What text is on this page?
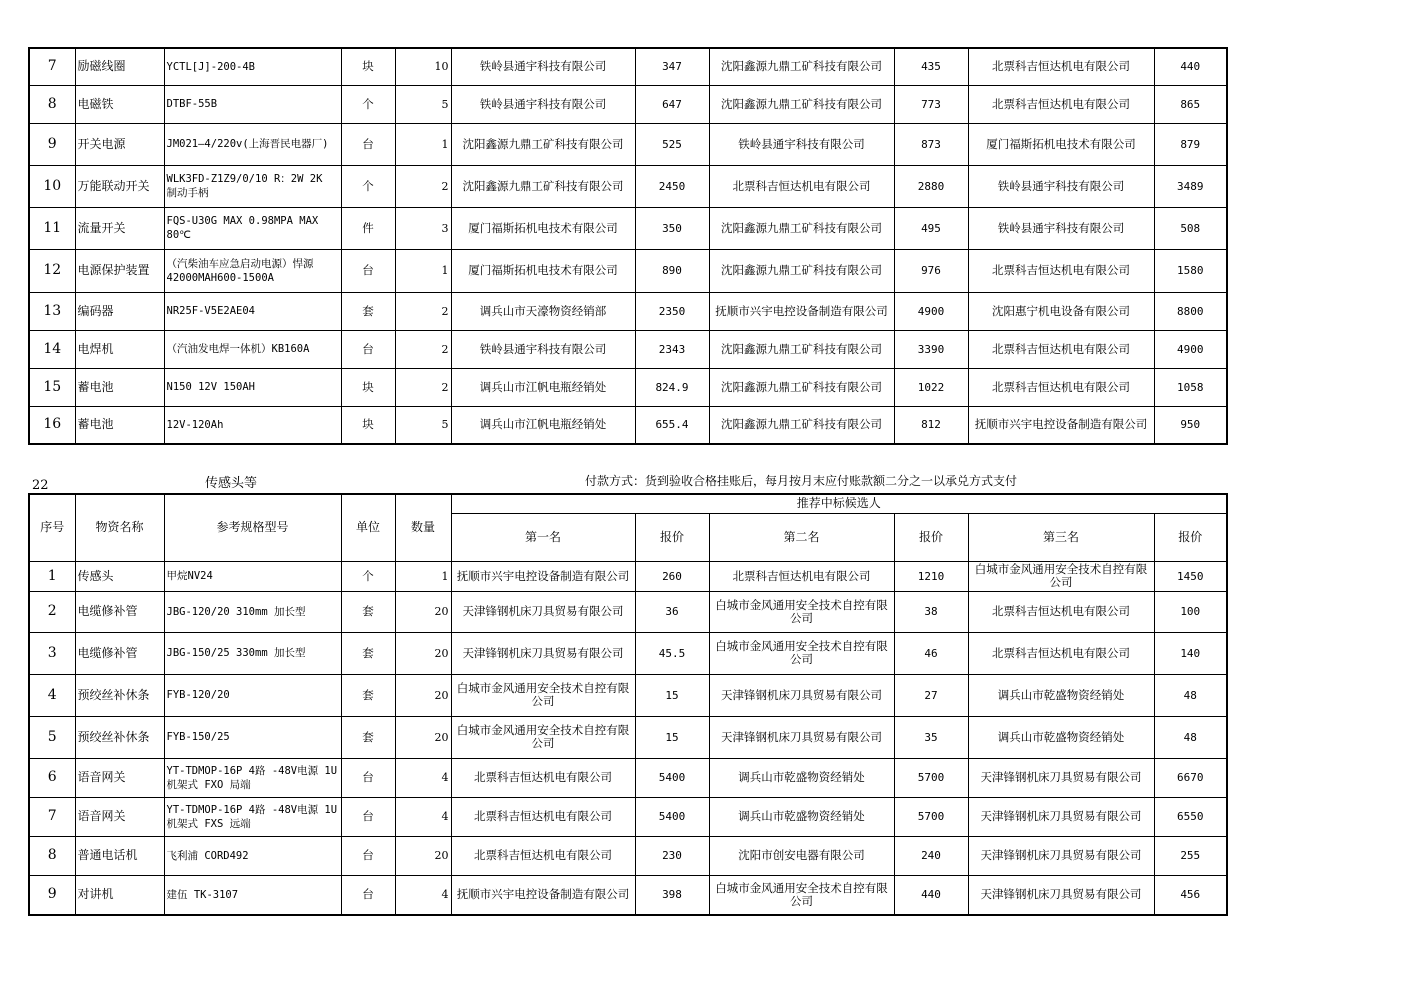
7	励磁线圈	YCTL[J]-200-4B	块	10	铁岭县通宇科技有限公司	347	沈阳鑫源九鼎工矿科技有限公司	435	北票科吉恒达机电有限公司	440
8	电磁铁	DTBF-55B	个	5	铁岭县通宇科技有限公司	647	沈阳鑫源九鼎工矿科技有限公司	773	北票科吉恒达机电有限公司	865
9	开关电源	JM021—4/220v(上海晋民电器厂)	台	1	沈阳鑫源九鼎工矿科技有限公司	525	铁岭县通宇科技有限公司	873	厦门福斯拓机电技术有限公司	879
10	万能联动开关	WLK3FD-Z1Z9/0/10 R：2W 2K 制动手柄	个	2	沈阳鑫源九鼎工矿科技有限公司	2450	北票科吉恒达机电有限公司	2880	铁岭县通宇科技有限公司	3489
11	流量开关	FQS-U30G MAX 0.98MPA MAX 80℃	件	3	厦门福斯拓机电技术有限公司	350	沈阳鑫源九鼎工矿科技有限公司	495	铁岭县通宇科技有限公司	508
12	电源保护装置	（汽柴油车应急启动电源）悍源42000MAH600-1500A	台	1	厦门福斯拓机电技术有限公司	890	沈阳鑫源九鼎工矿科技有限公司	976	北票科吉恒达机电有限公司	1580
13	编码器	NR25F-V5E2AE04	套	2	调兵山市天濠物资经销部	2350	抚顺市兴宇电控设备制造有限公司	4900	沈阳惠宁机电设备有限公司	8800
14	电焊机	（汽油发电焊一体机）KB160A	台	2	铁岭县通宇科技有限公司	2343	沈阳鑫源九鼎工矿科技有限公司	3390	北票科吉恒达机电有限公司	4900
15	蓄电池	N150 12V 150AH	块	2	调兵山市江帆电瓶经销处	824.9	沈阳鑫源九鼎工矿科技有限公司	1022	北票科吉恒达机电有限公司	1058
16	蓄电池	12V-120Ah	块	5	调兵山市江帆电瓶经销处	655.4	沈阳鑫源九鼎工矿科技有限公司	812	抚顺市兴宇电控设备制造有限公司	950
22	传感头等	付款方式：货到验收合格挂账后，每月按月末应付账款额二分之一以承兑方式支付
序号	物资名称	参考规格型号	单位	数量	推荐中标候选人					
					第一名	报价	第二名	报价	第三名	报价
1	传感头	甲烷NV24	个	1	抚顺市兴宇电控设备制造有限公司	260	北票科吉恒达机电有限公司	1210	白城市金风通用安全技术自控有限公司	1450
2	电缆修补管	JBG-120/20 310mm 加长型	套	20	天津锋钢机床刀具贸易有限公司	36	白城市金风通用安全技术自控有限公司	38	北票科吉恒达机电有限公司	100
3	电缆修补管	JBG-150/25 330mm 加长型	套	20	天津锋钢机床刀具贸易有限公司	45.5	白城市金风通用安全技术自控有限公司	46	北票科吉恒达机电有限公司	140
4	预绞丝补休条	FYB-120/20	套	20	白城市金风通用安全技术自控有限公司	15	天津锋钢机床刀具贸易有限公司	27	调兵山市乾盛物资经销处	48
5	预绞丝补休条	FYB-150/25	套	20	白城市金风通用安全技术自控有限公司	15	天津锋钢机床刀具贸易有限公司	35	调兵山市乾盛物资经销处	48
6	语音网关	YT-TDMOP-16P 4路 -48V电源 1U机架式 FXO 局端	台	4	北票科吉恒达机电有限公司	5400	调兵山市乾盛物资经销处	5700	天津锋钢机床刀具贸易有限公司	6670
7	语音网关	YT-TDMOP-16P 4路 -48V电源 1U机架式 FXS 远端	台	4	北票科吉恒达机电有限公司	5400	调兵山市乾盛物资经销处	5700	天津锋钢机床刀具贸易有限公司	6550
8	普通电话机	飞利浦 CORD492	台	20	北票科吉恒达机电有限公司	230	沈阳市创安电器有限公司	240	天津锋钢机床刀具贸易有限公司	255
9	对讲机	建伍 TK-3107	台	4	抚顺市兴宇电控设备制造有限公司	398	白城市金风通用安全技术自控有限公司	440	天津锋钢机床刀具贸易有限公司	456
